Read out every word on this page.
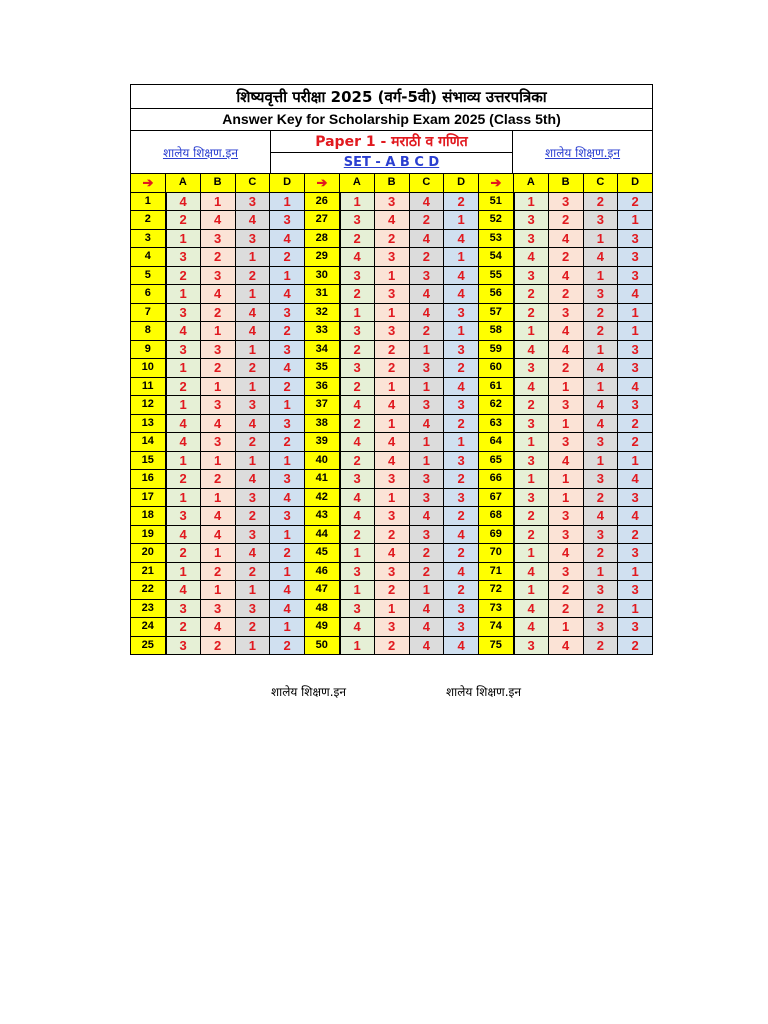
शिष्यवृत्ती परीक्षा 2025 (वर्ग-5वी) संभाव्य उत्तरपत्रिका
Answer Key for Scholarship Exam 2025 (Class 5th)
शालेय शिक्षण.इन
Paper 1 - मराठी व गणित
SET - A B C D
शालेय शिक्षण.इन
➔	A	B	C	D	➔	A	B	C	D	➔	A	B	C	D
1	4	1	3	1	26	1	3	4	2	51	1	3	2	2
2	2	4	4	3	27	3	4	2	1	52	3	2	3	1
3	1	3	3	4	28	2	2	4	4	53	3	4	1	3
4	3	2	1	2	29	4	3	2	1	54	4	2	4	3
5	2	3	2	1	30	3	1	3	4	55	3	4	1	3
6	1	4	1	4	31	2	3	4	4	56	2	2	3	4
7	3	2	4	3	32	1	1	4	3	57	2	3	2	1
8	4	1	4	2	33	3	3	2	1	58	1	4	2	1
9	3	3	1	3	34	2	2	1	3	59	4	4	1	3
10	1	2	2	4	35	3	2	3	2	60	3	2	4	3
11	2	1	1	2	36	2	1	1	4	61	4	1	1	4
12	1	3	3	1	37	4	4	3	3	62	2	3	4	3
13	4	4	4	3	38	2	1	4	2	63	3	1	4	2
14	4	3	2	2	39	4	4	1	1	64	1	3	3	2
15	1	1	1	1	40	2	4	1	3	65	3	4	1	1
16	2	2	4	3	41	3	3	3	2	66	1	1	3	4
17	1	1	3	4	42	4	1	3	3	67	3	1	2	3
18	3	4	2	3	43	4	3	4	2	68	2	3	4	4
19	4	4	3	1	44	2	2	3	4	69	2	3	3	2
20	2	1	4	2	45	1	4	2	2	70	1	4	2	3
21	1	2	2	1	46	3	3	2	4	71	4	3	1	1
22	4	1	1	4	47	1	2	1	2	72	1	2	3	3
23	3	3	3	4	48	3	1	4	3	73	4	2	2	1
24	2	4	2	1	49	4	3	4	3	74	4	1	3	3
25	3	2	1	2	50	1	2	4	4	75	3	4	2	2
शालेय शिक्षण.इन	शालेय शिक्षण.इन
